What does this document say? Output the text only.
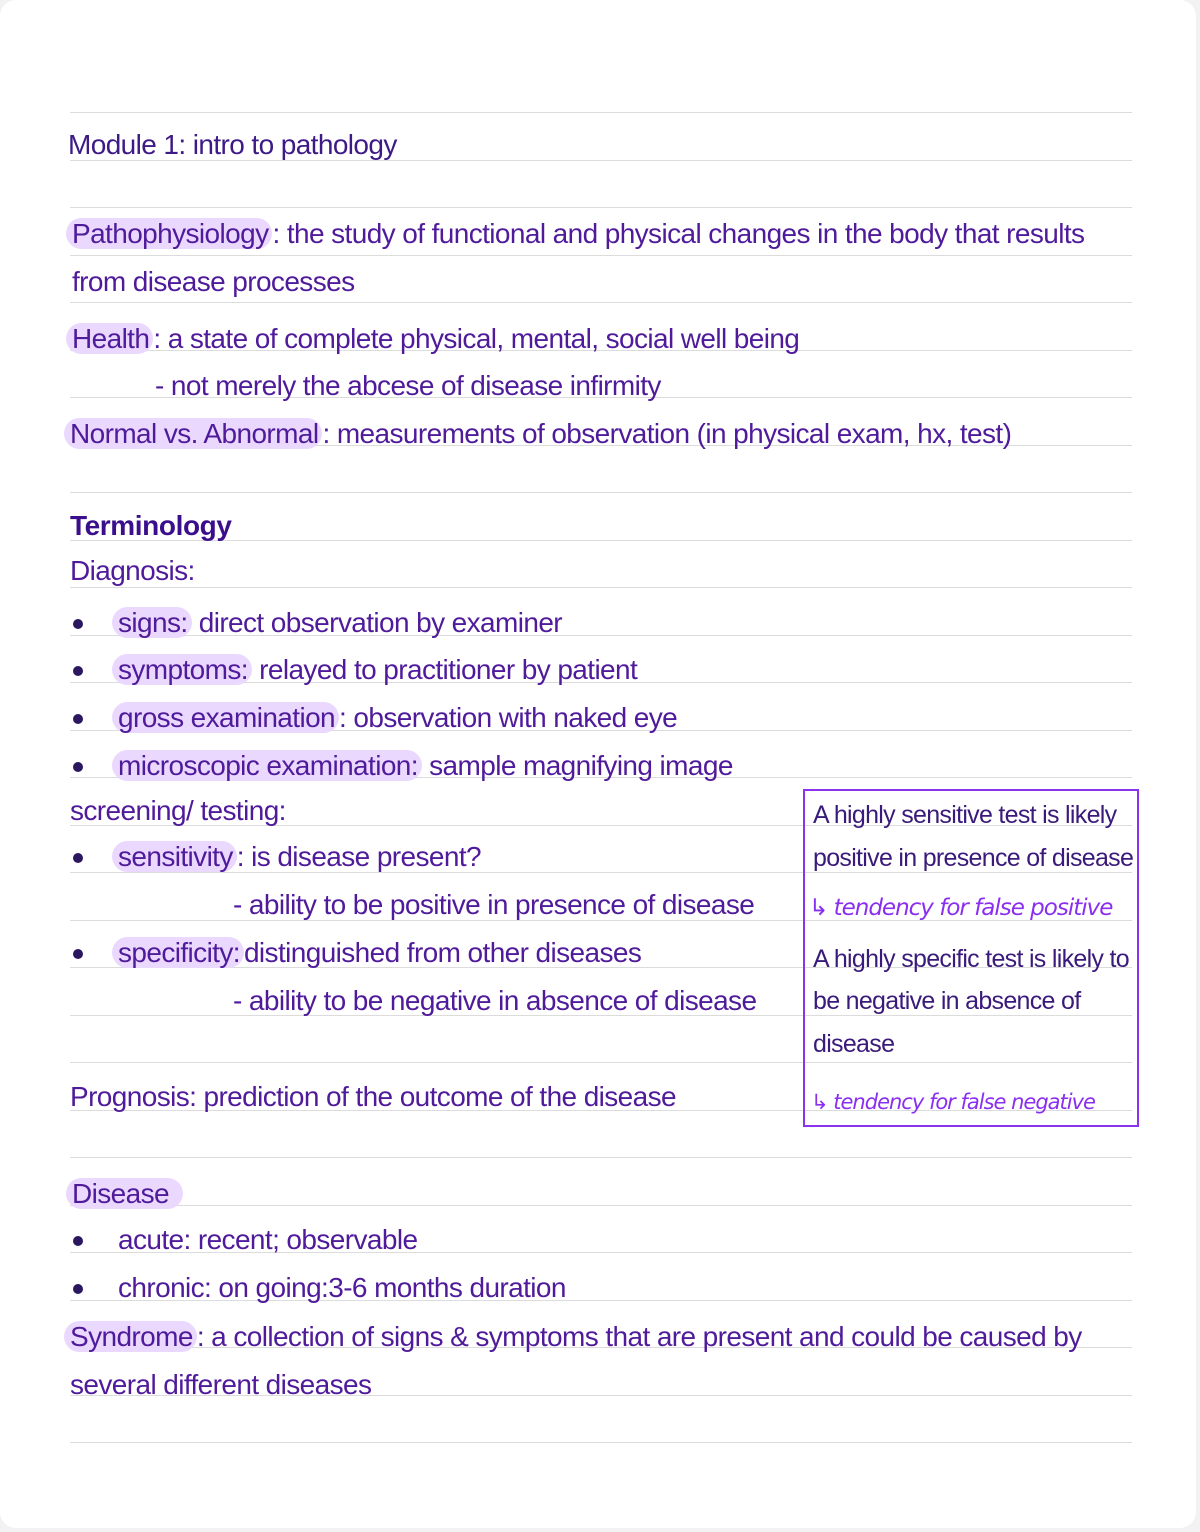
Module 1: intro to pathology
Pathophysiology : the study of functional and physical changes in the body that results
from disease processes
Health : a state of complete physical, mental, social well being
- not merely the abcese of disease infirmity
Normal vs. Abnormal : measurements of observation (in physical exam, hx, test)
Terminology
Diagnosis:
signs: direct observation by examiner
symptoms: relayed to practitioner by patient
gross examination : observation with naked eye
microscopic examination: sample magnifying image
screening/ testing:
sensitivity : is disease present?
- ability to be positive in presence of disease
specificity: distinguished from other diseases
- ability to be negative in absence of disease
Prognosis: prediction of the outcome of the disease
A highly sensitive test is likely
positive in presence of disease
↳ tendency for false positive
A highly specific test is likely to
be negative in absence of
disease
↳ tendency for false negative
Disease
acute: recent; observable
chronic: on going:3-6 months duration
Syndrome : a collection of signs & symptoms that are present and could be caused by
several different diseases
